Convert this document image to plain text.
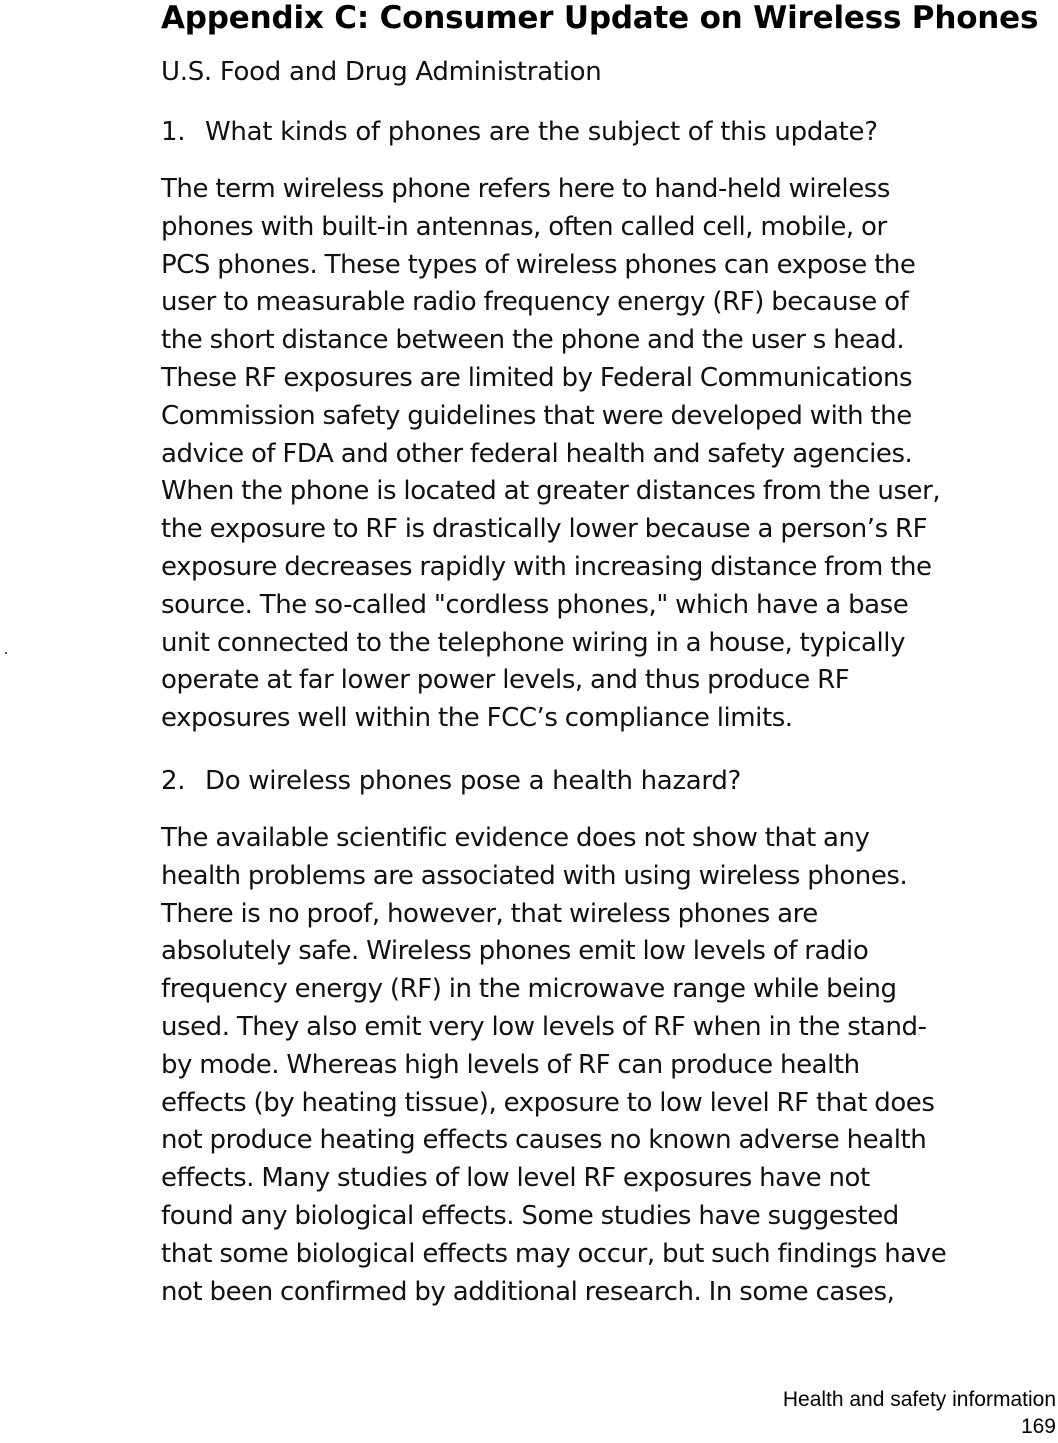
Appendix C: Consumer Update on Wireless Phones

U.S. Food and Drug Administration

1. What kinds of phones are the subject of this update?

The term wireless phone refers here to hand-held wireless
phones with built-in antennas, often called cell, mobile, or
PCS phones. These types of wireless phones can expose the
user to measurable radio frequency energy (RF) because of
the short distance between the phone and the user s head.
These RF exposures are limited by Federal Communications
Commission safety guidelines that were developed with the
advice of FDA and other federal health and safety agencies.
When the phone is located at greater distances from the user,
the exposure to RF is drastically lower because a person’s RF
exposure decreases rapidly with increasing distance from the
source. The so-called "cordless phones," which have a base
unit connected to the telephone wiring in a house, typically
operate at far lower power levels, and thus produce RF
exposures well within the FCC’s compliance limits.

2. Do wireless phones pose a health hazard?

The available scientific evidence does not show that any
health problems are associated with using wireless phones.
There is no proof, however, that wireless phones are
absolutely safe. Wireless phones emit low levels of radio
frequency energy (RF) in the microwave range while being
used. They also emit very low levels of RF when in the stand-
by mode. Whereas high levels of RF can produce health
effects (by heating tissue), exposure to low level RF that does
not produce heating effects causes no known adverse health
effects. Many studies of low level RF exposures have not
found any biological effects. Some studies have suggested
that some biological effects may occur, but such findings have
not been confirmed by additional research. In some cases,

Health and safety information
169
